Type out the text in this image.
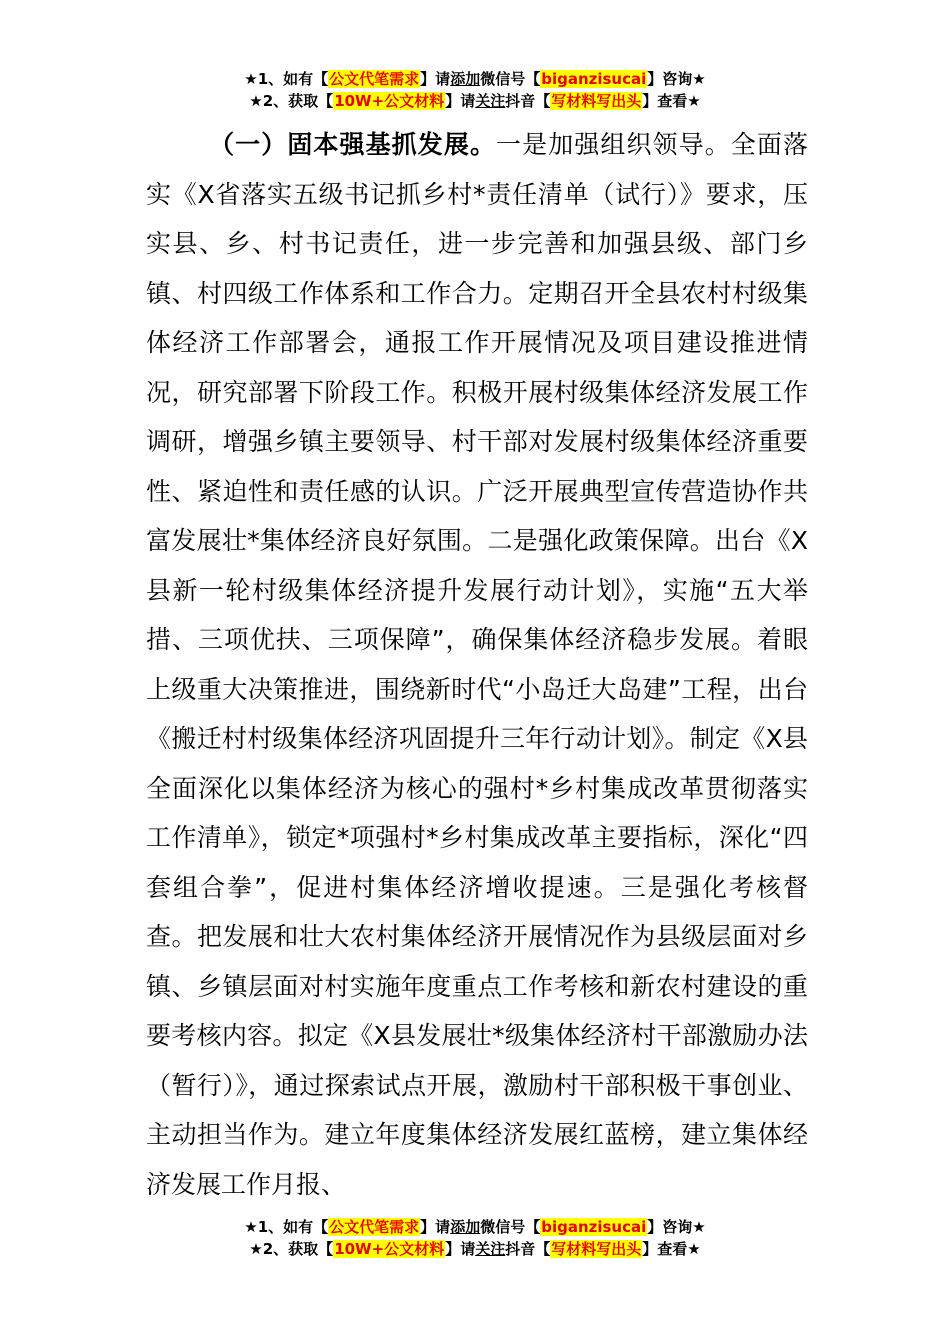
★1、如有【公文代笔需求】请添加微信号【biganzisucai】咨询★
★2、获取【10W+公文材料】请关注抖音【写材料写出头】查看★

（一）固本强基抓发展。一是加强组织领导。全面落实《X省落实五级书记抓乡村*责任清单（试行）》要求，压实县、乡、村书记责任，进一步完善和加强县级、部门乡镇、村四级工作体系和工作合力。定期召开全县农村村级集体经济工作部署会，通报工作开展情况及项目建设推进情况，研究部署下阶段工作。积极开展村级集体经济发展工作调研，增强乡镇主要领导、村干部对发展村级集体经济重要性、紧迫性和责任感的认识。广泛开展典型宣传营造协作共富发展壮*集体经济良好氛围。二是强化政策保障。出台《X县新一轮村级集体经济提升发展行动计划》，实施“五大举措、三项优扶、三项保障”，确保集体经济稳步发展。着眼上级重大决策推进，围绕新时代“小岛迁大岛建”工程，出台《搬迁村村级集体经济巩固提升三年行动计划》。制定《X县全面深化以集体经济为核心的强村*乡村集成改革贯彻落实工作清单》，锁定*项强村*乡村集成改革主要指标，深化“四套组合拳”，促进村集体经济增收提速。三是强化考核督查。把发展和壮大农村集体经济开展情况作为县级层面对乡镇、乡镇层面对村实施年度重点工作考核和新农村建设的重要考核内容。拟定《X县发展壮*级集体经济村干部激励办法（暂行）》，通过探索试点开展，激励村干部积极干事创业、主动担当作为。建立年度集体经济发展红蓝榜，建立集体经济发展工作月报、

★1、如有【公文代笔需求】请添加微信号【biganzisucai】咨询★
★2、获取【10W+公文材料】请关注抖音【写材料写出头】查看★
